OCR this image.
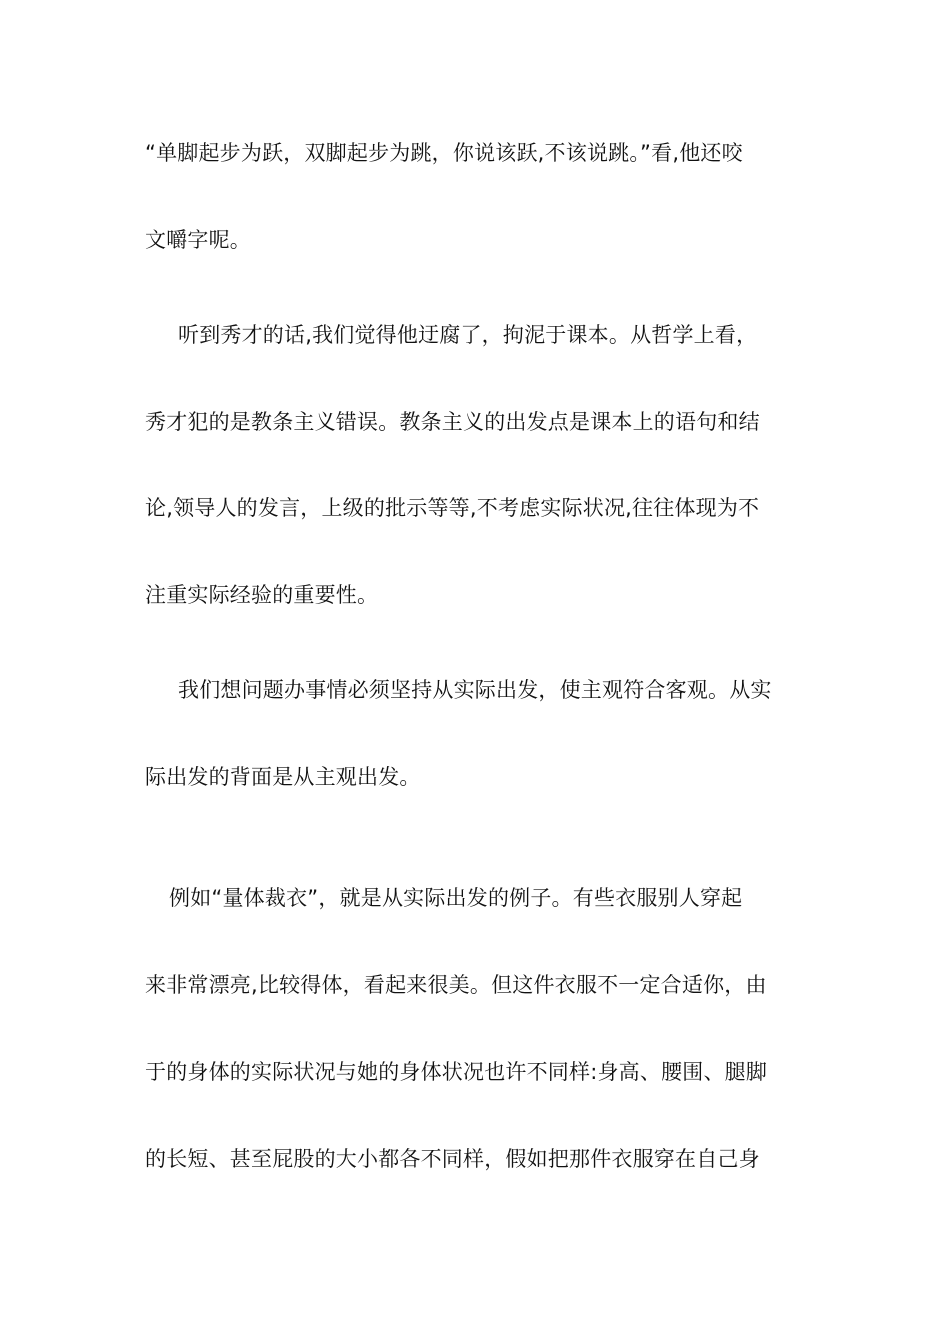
“单脚起步为跃，双脚起步为跳，你说该跃,不该说跳。”看,他还咬
文嚼字呢。
听到秀才的话,我们觉得他迂腐了，拘泥于课本。从哲学上看，
秀才犯的是教条主义错误。教条主义的出发点是课本上的语句和结
论,领导人的发言，上级的批示等等,不考虑实际状况,往往体现为不
注重实际经验的重要性。
我们想问题办事情必须坚持从实际出发，使主观符合客观。从实
际出发的背面是从主观出发。
例如“量体裁衣”，就是从实际出发的例子。有些衣服别人穿起
来非常漂亮,比较得体，看起来很美。但这件衣服不一定合适你，由
于的身体的实际状况与她的身体状况也许不同样:身高、腰围、腿脚
的长短、甚至屁股的大小都各不同样，假如把那件衣服穿在自己身
